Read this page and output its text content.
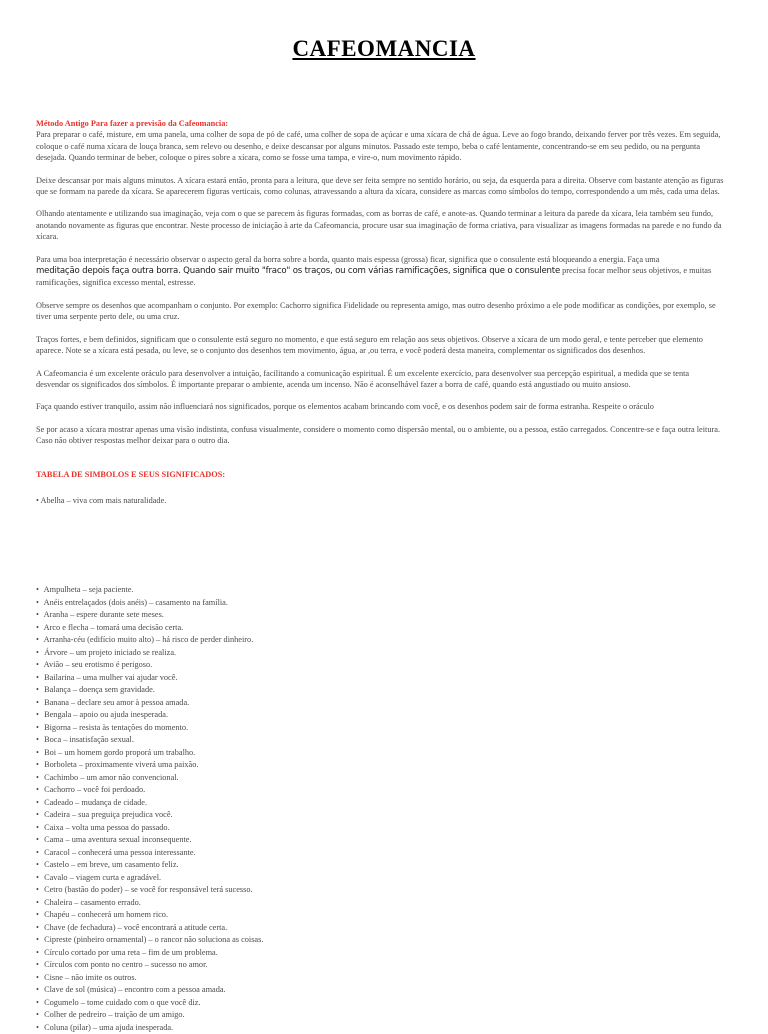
CAFEOMANCIA

Método Antigo Para fazer a previsão da Cafeomancia:

Para preparar o café, misture, em uma panela, uma colher de sopa de pó de café, uma colher de sopa de açúcar e uma xícara de chá de água. Leve ao fogo brando, deixando ferver por três vezes. Em seguida, coloque o café numa xícara de louça branca, sem relevo ou desenho, e deixe descansar por alguns minutos. Passado este tempo, beba o café lentamente, concentrando-se em seu pedido, ou na pergunta desejada. Quando terminar de beber, coloque o pires sobre a xícara, como se fosse uma tampa, e vire-o, num movimento rápido.

Deixe descansar por mais alguns minutos. A xícara estará então, pronta para a leitura, que deve ser feita sempre no sentido horário, ou seja, da esquerda para a direita. Observe com bastante atenção as figuras que se formam na parede da xícara. Se aparecerem figuras verticais, como colunas, atravessando a altura da xícara, considere as marcas como símbolos do tempo, correspondendo a um mês, cada uma delas.

Olhando atentamente e utilizando sua imaginação, veja com o que se parecem às figuras formadas, com as borras de café, e anote-as. Quando terminar a leitura da parede da xícara, leia também seu fundo, anotando novamente as figuras que encontrar. Neste processo de iniciação à arte da Cafeomancia, procure usar sua imaginação de forma criativa, para visualizar as imagens formadas na parede e no fundo da xícara.

Para uma boa interpretação é necessário observar o aspecto geral da borra sobre a borda, quanto mais espessa (grossa) ficar, significa que o consulente está bloqueando a energia. Faça uma
meditação depois faça outra borra. Quando sair muito "fraco" os traços, ou com várias ramificações, significa que o consulente precisa focar melhor seus objetivos, e muitas ramificações, significa excesso mental, estresse.

Observe sempre os desenhos que acompanham o conjunto. Por exemplo: Cachorro significa Fidelidade ou representa amigo, mas outro desenho próximo a ele pode modificar as condições, por exemplo, se tiver uma serpente perto dele, ou uma cruz.

Traços fortes, e bem definidos, significam que o consulente está seguro no momento, e que está seguro em relação aos seus objetivos. Observe a xícara de um modo geral, e tente perceber que elemento aparece. Note se a xícara está pesada, ou leve, se o conjunto dos desenhos tem movimento, água, ar ,ou terra, e você poderá desta maneira, complementar os significados dos desenhos.

A Cafeomancia é um excelente oráculo para desenvolver a intuição, facilitando a comunicação espiritual. É um excelente exercício, para desenvolver sua percepção espiritual, a medida que se tenta desvendar os significados dos símbolos. É importante preparar o ambiente, acenda um incenso. Não é aconselhável fazer a borra de café, quando está angustiado ou muito ansioso.

Faça quando estiver tranquilo, assim não influenciará nos significados, porque os elementos acabam brincando com você, e os desenhos podem sair de forma estranha. Respeite o oráculo

Se por acaso a xícara mostrar apenas uma visão indistinta, confusa visualmente, considere o momento como dispersão mental, ou o ambiente, ou a pessoa, estão carregados. Concentre-se e faça outra leitura. Caso não obtiver respostas melhor deixar para o outro dia.

TABELA DE SIMBOLOS E SEUS SIGNIFICADOS:

• Abelha – viva com mais naturalidade.
• Ampulheta – seja paciente.
• Anéis entrelaçados (dois anéis) – casamento na família.
• Aranha – espere durante sete meses.
• Arco e flecha – tomará uma decisão certa.
• Arranha-céu (edifício muito alto) – há risco de perder dinheiro.
• Árvore – um projeto iniciado se realiza.
• Avião – seu erotismo é perigoso.
• Bailarina – uma mulher vai ajudar você.
• Balança – doença sem gravidade.
• Banana – declare seu amor à pessoa amada.
• Bengala – apoio ou ajuda inesperada.
• Bigorna – resista às tentações do momento.
• Boca – insatisfação sexual.
• Boi – um homem gordo proporá um trabalho.
• Borboleta – proximamente viverá uma paixão.
• Cachimbo – um amor não convencional.
• Cachorro – você foi perdoado.
• Cadeado – mudança de cidade.
• Cadeira – sua preguiça prejudica você.
• Caixa – volta uma pessoa do passado.
• Cama – uma aventura sexual inconsequente.
• Caracol – conhecerá uma pessoa interessante.
• Castelo – em breve, um casamento feliz.
• Cavalo – viagem curta e agradável.
• Cetro (bastão do poder) – se você for responsável terá sucesso.
• Chaleira – casamento errado.
• Chapéu – conhecerá um homem rico.
• Chave (de fechadura) – você encontrará a atitude certa.
• Cipreste (pinheiro ornamental) – o rancor não soluciona as coisas.
• Círculo cortado por uma reta – fim de um problema.
• Círculos com ponto no centro – sucesso no amor.
• Cisne – não imite os outros.
• Clave de sol (música) – encontro com a pessoa amada.
• Cogumelo – tome cuidado com o que você diz.
• Colher de pedreiro – traição de um amigo.
• Coluna (pilar) – uma ajuda inesperada.
